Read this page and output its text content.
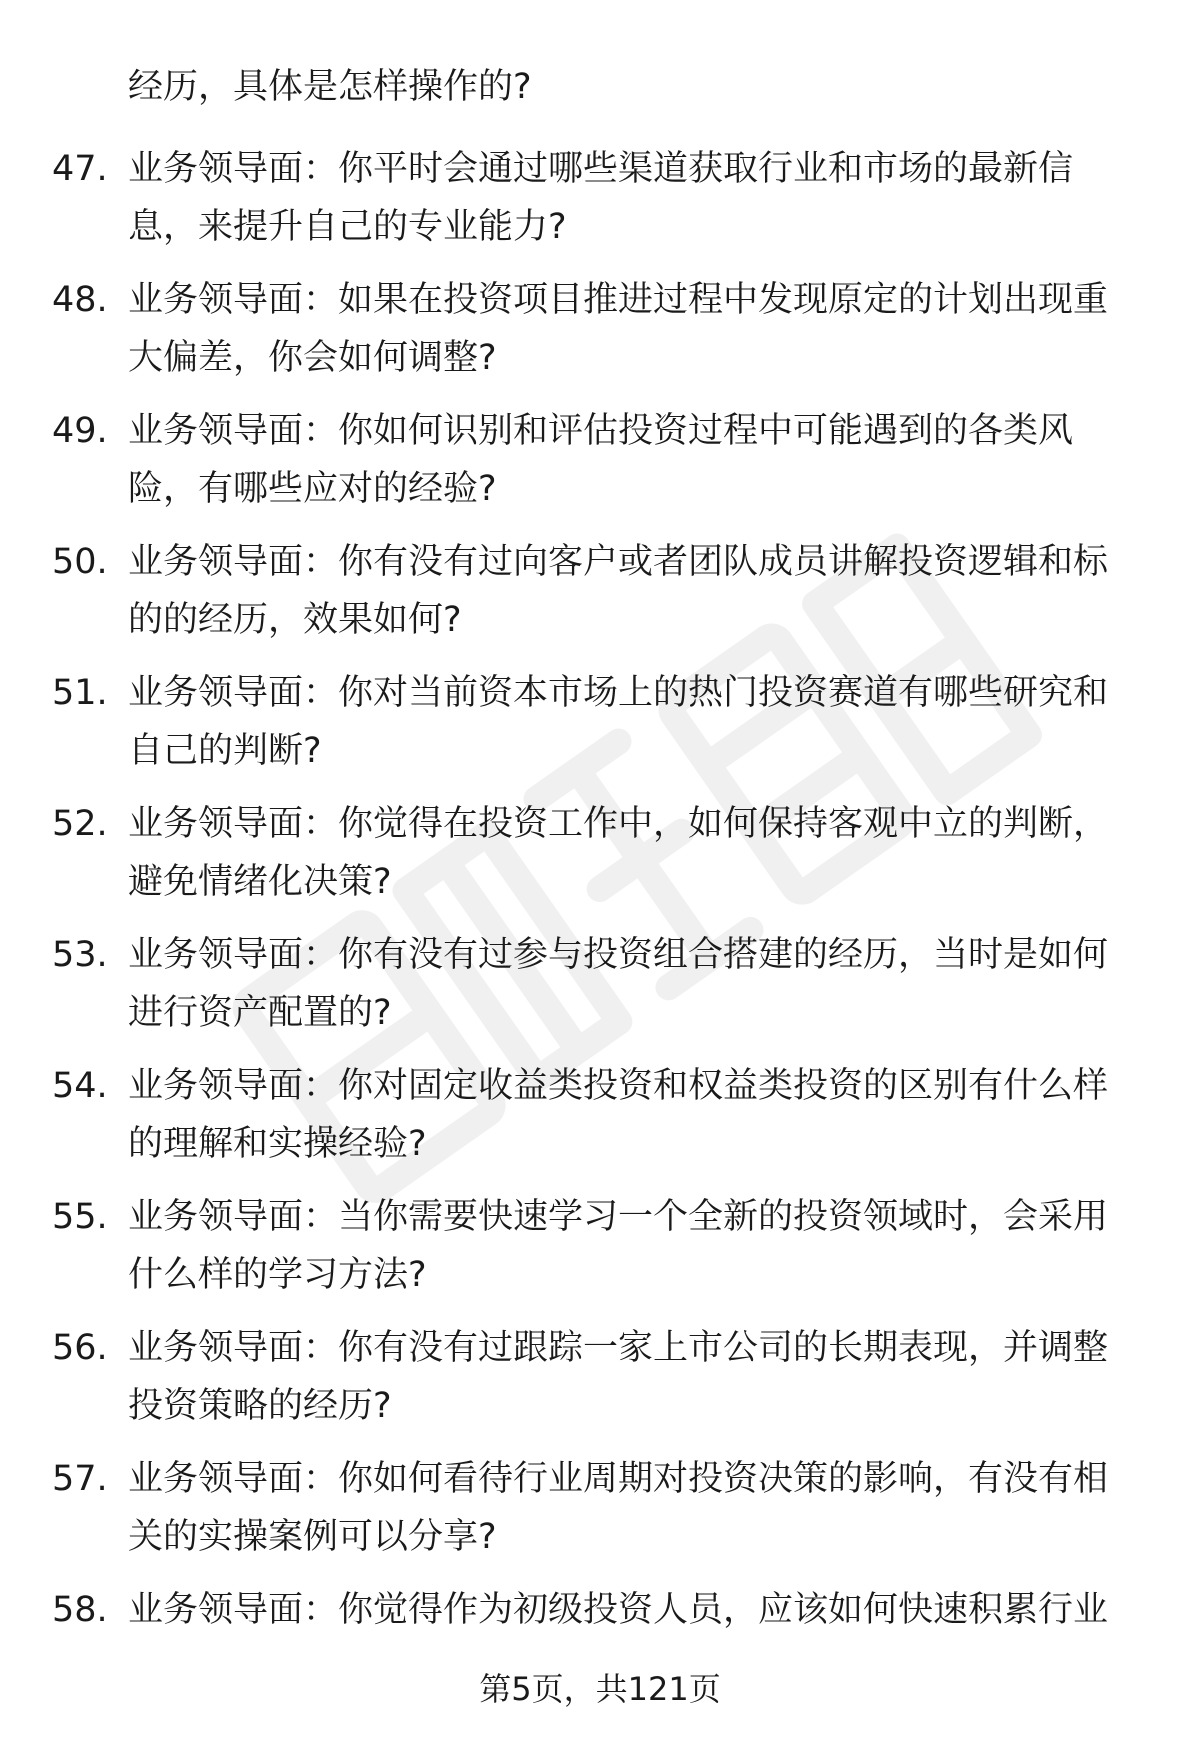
经历，具体是怎样操作的?
47. 业务领导面：你平时会通过哪些渠道获取行业和市场的最新信
息，来提升自己的专业能力?
48. 业务领导面：如果在投资项目推进过程中发现原定的计划出现重
大偏差，你会如何调整?
49. 业务领导面：你如何识别和评估投资过程中可能遇到的各类风
险，有哪些应对的经验?
50. 业务领导面：你有没有过向客户或者团队成员讲解投资逻辑和标
的的经历，效果如何?
51. 业务领导面：你对当前资本市场上的热门投资赛道有哪些研究和
自己的判断?
52. 业务领导面：你觉得在投资工作中，如何保持客观中立的判断，
避免情绪化决策?
53. 业务领导面：你有没有过参与投资组合搭建的经历，当时是如何
进行资产配置的?
54. 业务领导面：你对固定收益类投资和权益类投资的区别有什么样
的理解和实操经验?
55. 业务领导面：当你需要快速学习一个全新的投资领域时，会采用
什么样的学习方法?
56. 业务领导面：你有没有过跟踪一家上市公司的长期表现，并调整
投资策略的经历?
57. 业务领导面：你如何看待行业周期对投资决策的影响，有没有相
关的实操案例可以分享?
58. 业务领导面：你觉得作为初级投资人员，应该如何快速积累行业
第5页，共121页
